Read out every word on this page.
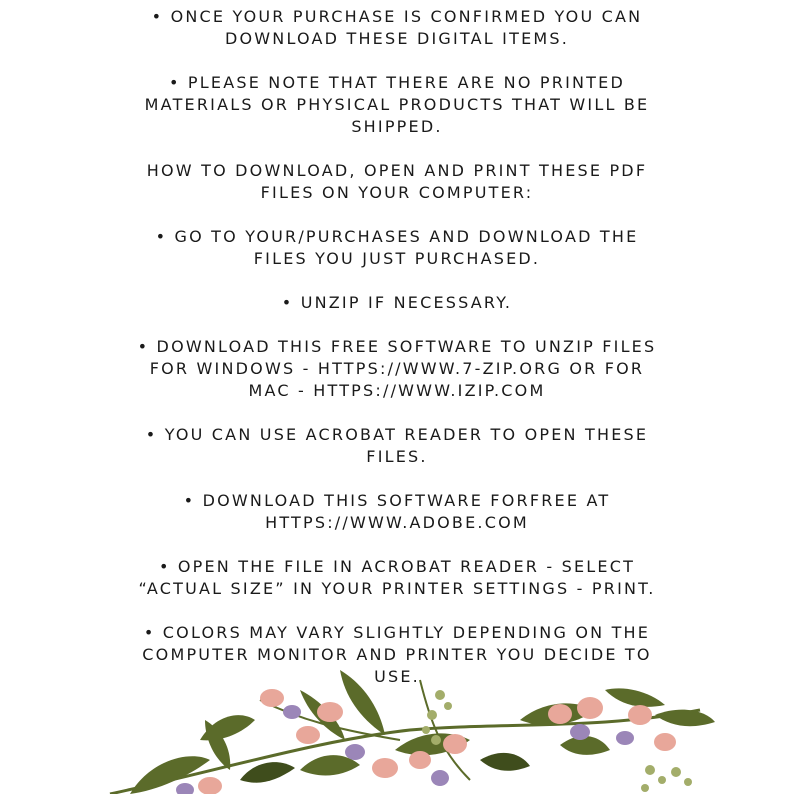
• ONCE YOUR PURCHASE IS CONFIRMED YOU CAN DOWNLOAD THESE DIGITAL ITEMS.

• PLEASE NOTE THAT THERE ARE NO PRINTED MATERIALS OR PHYSICAL PRODUCTS THAT WILL BE SHIPPED.

HOW TO DOWNLOAD, OPEN AND PRINT THESE PDF FILES ON YOUR COMPUTER:

• GO TO YOUR/PURCHASES AND DOWNLOAD THE FILES YOU JUST PURCHASED.

• UNZIP IF NECESSARY.

• DOWNLOAD THIS FREE SOFTWARE TO UNZIP FILES FOR WINDOWS - HTTPS://WWW.7-ZIP.ORG OR FOR MAC - HTTPS://WWW.IZIP.COM

• YOU CAN USE ACROBAT READER TO OPEN THESE FILES.

• DOWNLOAD THIS SOFTWARE FORFREE AT HTTPS://WWW.ADOBE.COM

• OPEN THE FILE IN ACROBAT READER - SELECT “ACTUAL SIZE” IN YOUR PRINTER SETTINGS - PRINT.

• COLORS MAY VARY SLIGHTLY DEPENDING ON THE COMPUTER MONITOR AND PRINTER YOU DECIDE TO USE.
